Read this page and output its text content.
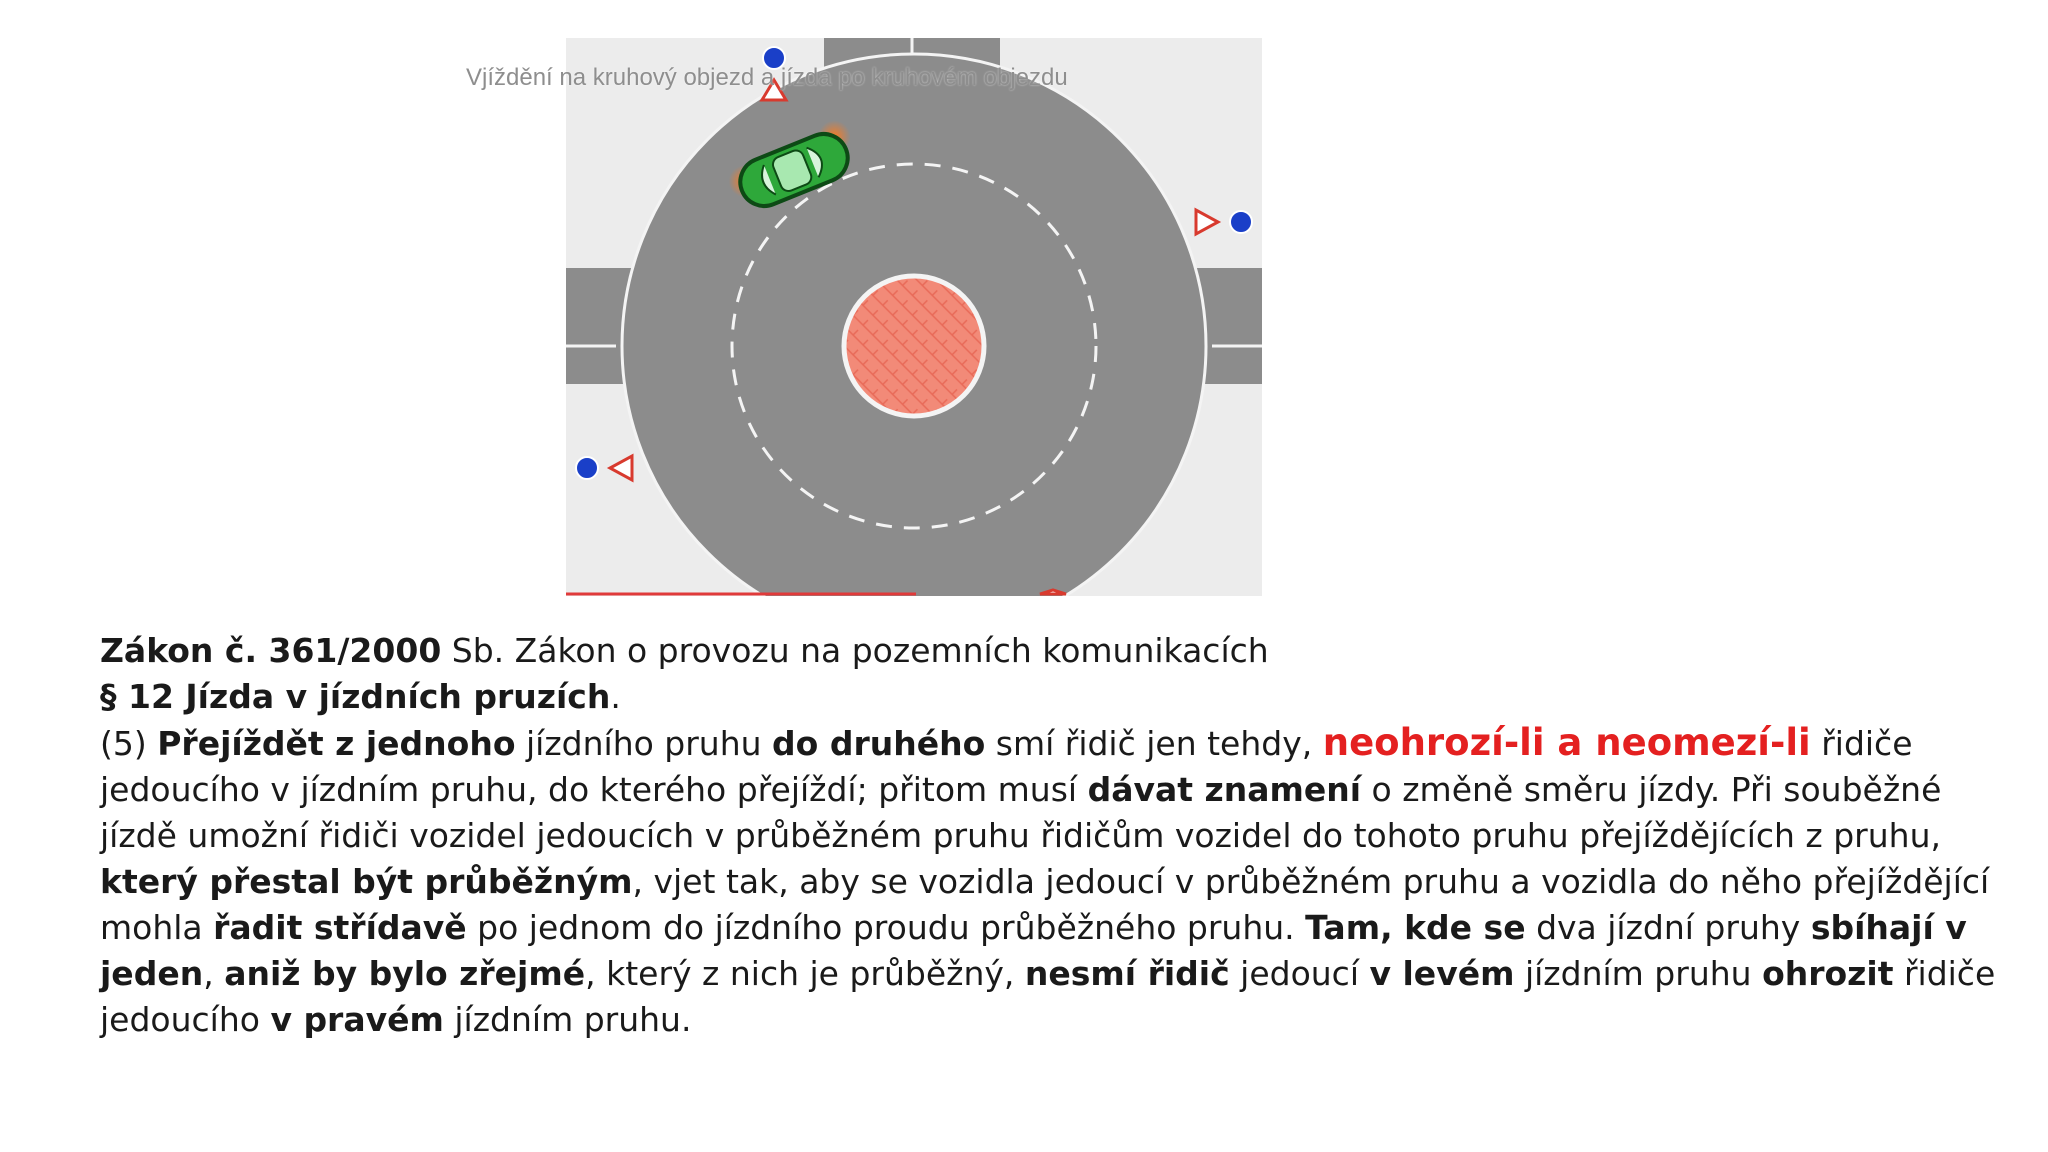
Vjíždění na kruhový objezd a jízda po kruhovém objezdu

Zákon č. 361/2000 Sb. Zákon o provozu na pozemních komunikacích

§ 12 Jízda v jízdních pruzích.

(5) Přejíždět z jednoho jízdního pruhu do druhého smí řidič jen tehdy, neohrozí-li a neomezí-li řidiče jedoucího v jízdním pruhu, do kterého přejíždí; přitom musí dávat znamení o změně směru jízdy. Při souběžné jízdě umožní řidiči vozidel jedoucích v průběžném pruhu řidičům vozidel do tohoto pruhu přejíždějících z pruhu, který přestal být průběžným, vjet tak, aby se vozidla jedoucí v průběžném pruhu a vozidla do něho přejíždějící mohla řadit střídavě po jednom do jízdního proudu průběžného pruhu. Tam, kde se dva jízdní pruhy sbíhají v jeden, aniž by bylo zřejmé, který z nich je průběžný, nesmí řidič jedoucí v levém jízdním pruhu ohrozit řidiče jedoucího v pravém jízdním pruhu.
